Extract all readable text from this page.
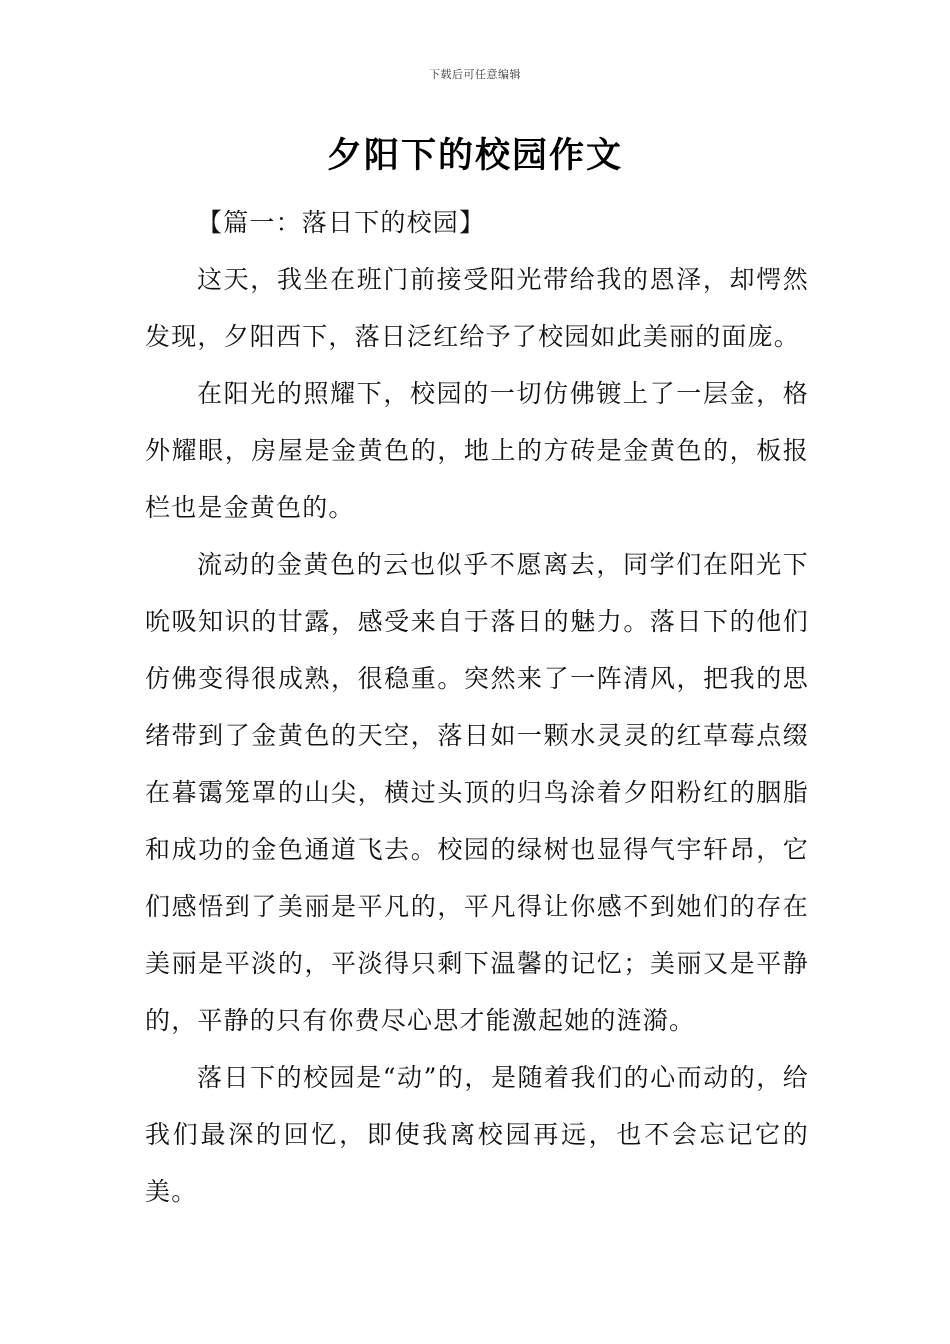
下载后可任意编辑
夕阳下的校园作文

【篇一：落日下的校园】

这天，我坐在班门前接受阳光带给我的恩泽，却愕然发现，夕阳西下，落日泛红给予了校园如此美丽的面庞。

在阳光的照耀下，校园的一切仿佛镀上了一层金，格外耀眼，房屋是金黄色的，地上的方砖是金黄色的，板报栏也是金黄色的。

流动的金黄色的云也似乎不愿离去，同学们在阳光下吮吸知识的甘露，感受来自于落日的魅力。落日下的他们仿佛变得很成熟，很稳重。突然来了一阵清风，把我的思绪带到了金黄色的天空，落日如一颗水灵灵的红草莓点缀在暮霭笼罩的山尖，横过头顶的归鸟涂着夕阳粉红的胭脂和成功的金色通道飞去。校园的绿树也显得气宇轩昂，它们感悟到了美丽是平凡的，平凡得让你感不到她们的存在美丽是平淡的，平淡得只剩下温馨的记忆；美丽又是平静的，平静的只有你费尽心思才能激起她的涟漪。

落日下的校园是“动”的，是随着我们的心而动的，给我们最深的回忆，即使我离校园再远，也不会忘记它的美。
